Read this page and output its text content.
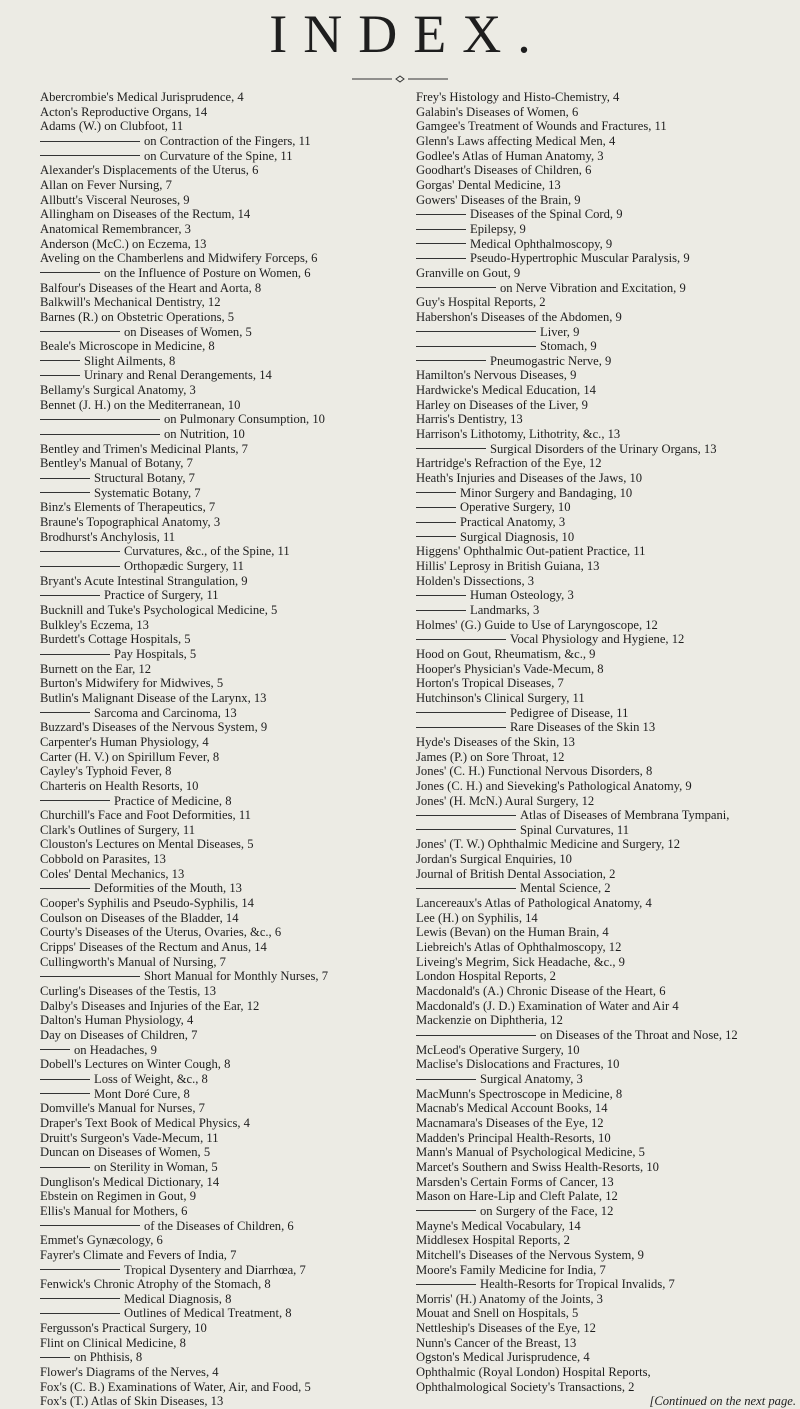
INDEX.
Abercrombie's Medical Jurisprudence, 4
Acton's Reproductive Organs, 14
Adams (W.) on Clubfoot, 11
on Contraction of the Fingers, 11
on Curvature of the Spine, 11
Alexander's Displacements of the Uterus, 6
Allan on Fever Nursing, 7
Allbutt's Visceral Neuroses, 9
Allingham on Diseases of the Rectum, 14
Anatomical Remembrancer, 3
Anderson (McC.) on Eczema, 13
Aveling on the Chamberlens and Midwifery Forceps, 6
on the Influence of Posture on Women, 6
Balfour's Diseases of the Heart and Aorta, 8
Balkwill's Mechanical Dentistry, 12
Barnes (R.) on Obstetric Operations, 5
on Diseases of Women, 5
Beale's Microscope in Medicine, 8
Slight Ailments, 8
Urinary and Renal Derangements, 14
Bellamy's Surgical Anatomy, 3
Bennet (J. H.) on the Mediterranean, 10
on Pulmonary Consumption, 10
on Nutrition, 10
Bentley and Trimen's Medicinal Plants, 7
Bentley's Manual of Botany, 7
Structural Botany, 7
Systematic Botany, 7
Binz's Elements of Therapeutics, 7
Braune's Topographical Anatomy, 3
Brodhurst's Anchylosis, 11
Curvatures, &c., of the Spine, 11
Orthopædic Surgery, 11
Bryant's Acute Intestinal Strangulation, 9
Practice of Surgery, 11
Bucknill and Tuke's Psychological Medicine, 5
Bulkley's Eczema, 13
Burdett's Cottage Hospitals, 5
Pay Hospitals, 5
Burnett on the Ear, 12
Burton's Midwifery for Midwives, 5
Butlin's Malignant Disease of the Larynx, 13
Sarcoma and Carcinoma, 13
Buzzard's Diseases of the Nervous System, 9
Carpenter's Human Physiology, 4
Carter (H. V.) on Spirillum Fever, 8
Cayley's Typhoid Fever, 8
Charteris on Health Resorts, 10
Practice of Medicine, 8
Churchill's Face and Foot Deformities, 11
Clark's Outlines of Surgery, 11
Clouston's Lectures on Mental Diseases, 5
Cobbold on Parasites, 13
Coles' Dental Mechanics, 13
Deformities of the Mouth, 13
Cooper's Syphilis and Pseudo-Syphilis, 14
Coulson on Diseases of the Bladder, 14
Courty's Diseases of the Uterus, Ovaries, &c., 6
Cripps' Diseases of the Rectum and Anus, 14
Cullingworth's Manual of Nursing, 7
Short Manual for Monthly Nurses, 7
Curling's Diseases of the Testis, 13
Dalby's Diseases and Injuries of the Ear, 12
Dalton's Human Physiology, 4
Day on Diseases of Children, 7
on Headaches, 9
Dobell's Lectures on Winter Cough, 8
Loss of Weight, &c., 8
Mont Doré Cure, 8
Domville's Manual for Nurses, 7
Draper's Text Book of Medical Physics, 4
Druitt's Surgeon's Vade-Mecum, 11
Duncan on Diseases of Women, 5
on Sterility in Woman, 5
Dunglison's Medical Dictionary, 14
Ebstein on Regimen in Gout, 9
Ellis's Manual for Mothers, 6
of the Diseases of Children, 6
Emmet's Gynæcology, 6
Fayrer's Climate and Fevers of India, 7
Tropical Dysentery and Diarrhœa, 7
Fenwick's Chronic Atrophy of the Stomach, 8
Medical Diagnosis, 8
Outlines of Medical Treatment, 8
Fergusson's Practical Surgery, 10
Flint on Clinical Medicine, 8
on Phthisis, 8
Flower's Diagrams of the Nerves, 4
Fox's (C. B.) Examinations of Water, Air, and Food, 5
Fox's (T.) Atlas of Skin Diseases, 13
Frey's Histology and Histo-Chemistry, 4
Galabin's Diseases of Women, 6
Gamgee's Treatment of Wounds and Fractures, 11
Glenn's Laws affecting Medical Men, 4
Godlee's Atlas of Human Anatomy, 3
Goodhart's Diseases of Children, 6
Gorgas' Dental Medicine, 13
Gowers' Diseases of the Brain, 9
Diseases of the Spinal Cord, 9
Epilepsy, 9
Medical Ophthalmoscopy, 9
Pseudo-Hypertrophic Muscular Paralysis, 9
Granville on Gout, 9
on Nerve Vibration and Excitation, 9
Guy's Hospital Reports, 2
Habershon's Diseases of the Abdomen, 9
Liver, 9
Stomach, 9
Pneumogastric Nerve, 9
Hamilton's Nervous Diseases, 9
Hardwicke's Medical Education, 14
Harley on Diseases of the Liver, 9
Harris's Dentistry, 13
Harrison's Lithotomy, Lithotrity, &c., 13
Surgical Disorders of the Urinary Organs, 13
Hartridge's Refraction of the Eye, 12
Heath's Injuries and Diseases of the Jaws, 10
Minor Surgery and Bandaging, 10
Operative Surgery, 10
Practical Anatomy, 3
Surgical Diagnosis, 10
Higgens' Ophthalmic Out-patient Practice, 11
Hillis' Leprosy in British Guiana, 13
Holden's Dissections, 3
Human Osteology, 3
Landmarks, 3
Holmes' (G.) Guide to Use of Laryngoscope, 12
Vocal Physiology and Hygiene, 12
Hood on Gout, Rheumatism, &c., 9
Hooper's Physician's Vade-Mecum, 8
Horton's Tropical Diseases, 7
Hutchinson's Clinical Surgery, 11
Pedigree of Disease, 11
Rare Diseases of the Skin 13
Hyde's Diseases of the Skin, 13
James (P.) on Sore Throat, 12
Jones' (C. H.) Functional Nervous Disorders, 8
Jones (C. H.) and Sieveking's Pathological Anatomy, 9
Jones' (H. McN.) Aural Surgery, 12
Atlas of Diseases of Membrana Tympani,
Spinal Curvatures, 11
Jones' (T. W.) Ophthalmic Medicine and Surgery, 12
Jordan's Surgical Enquiries, 10
Journal of British Dental Association, 2
Mental Science, 2
Lancereaux's Atlas of Pathological Anatomy, 4
Lee (H.) on Syphilis, 14
Lewis (Bevan) on the Human Brain, 4
Liebreich's Atlas of Ophthalmoscopy, 12
Liveing's Megrim, Sick Headache, &c., 9
London Hospital Reports, 2
Macdonald's (A.) Chronic Disease of the Heart, 6
Macdonald's (J. D.) Examination of Water and Air 4
Mackenzie on Diphtheria, 12
on Diseases of the Throat and Nose, 12
McLeod's Operative Surgery, 10
Maclise's Dislocations and Fractures, 10
Surgical Anatomy, 3
MacMunn's Spectroscope in Medicine, 8
Macnab's Medical Account Books, 14
Macnamara's Diseases of the Eye, 12
Madden's Principal Health-Resorts, 10
Mann's Manual of Psychological Medicine, 5
Marcet's Southern and Swiss Health-Resorts, 10
Marsden's Certain Forms of Cancer, 13
Mason on Hare-Lip and Cleft Palate, 12
on Surgery of the Face, 12
Mayne's Medical Vocabulary, 14
Middlesex Hospital Reports, 2
Mitchell's Diseases of the Nervous System, 9
Moore's Family Medicine for India, 7
Health-Resorts for Tropical Invalids, 7
Morris' (H.) Anatomy of the Joints, 3
Mouat and Snell on Hospitals, 5
Nettleship's Diseases of the Eye, 12
Nunn's Cancer of the Breast, 13
Ogston's Medical Jurisprudence, 4
Ophthalmic (Royal London) Hospital Reports,
Ophthalmological Society's Transactions, 2
[Continued on the next page.
